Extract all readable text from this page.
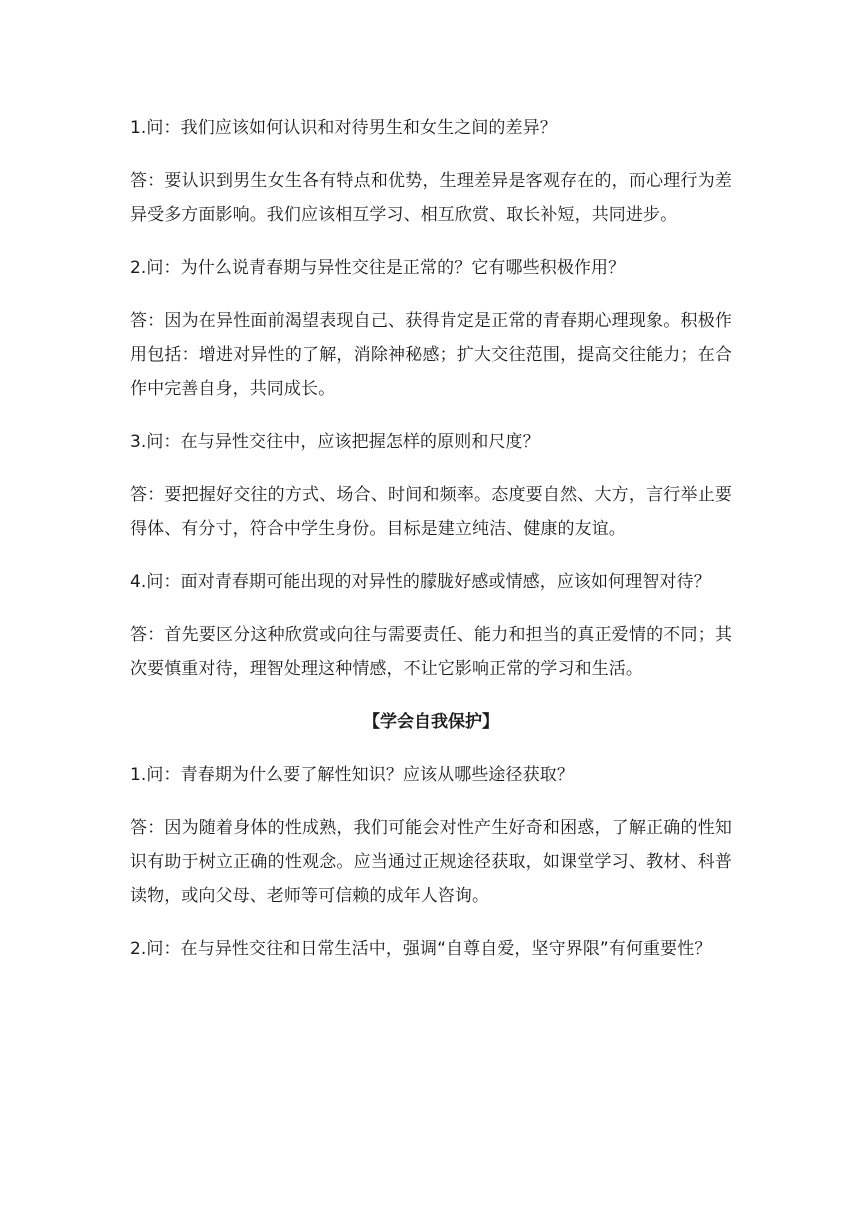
1.问：我们应该如何认识和对待男生和女生之间的差异？

答：要认识到男生女生各有特点和优势，生理差异是客观存在的，而心理行为差异受多方面影响。我们应该相互学习、相互欣赏、取长补短，共同进步。

2.问：为什么说青春期与异性交往是正常的？它有哪些积极作用？

答：因为在异性面前渴望表现自己、获得肯定是正常的青春期心理现象。积极作用包括：增进对异性的了解，消除神秘感；扩大交往范围，提高交往能力；在合作中完善自身，共同成长。

3.问：在与异性交往中，应该把握怎样的原则和尺度？

答：要把握好交往的方式、场合、时间和频率。态度要自然、大方，言行举止要得体、有分寸，符合中学生身份。目标是建立纯洁、健康的友谊。

4.问：面对青春期可能出现的对异性的朦胧好感或情感，应该如何理智对待？

答：首先要区分这种欣赏或向往与需要责任、能力和担当的真正爱情的不同；其次要慎重对待，理智处理这种情感，不让它影响正常的学习和生活。

【学会自我保护】

1.问：青春期为什么要了解性知识？应该从哪些途径获取？

答：因为随着身体的性成熟，我们可能会对性产生好奇和困惑，了解正确的性知识有助于树立正确的性观念。应当通过正规途径获取，如课堂学习、教材、科普读物，或向父母、老师等可信赖的成年人咨询。

2.问：在与异性交往和日常生活中，强调“自尊自爱，坚守界限”有何重要性？
